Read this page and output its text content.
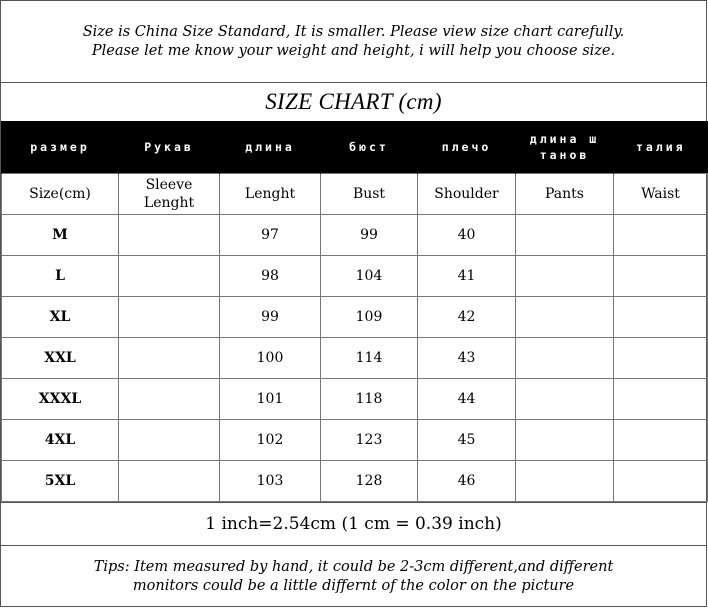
Size is China Size Standard, It is smaller. Please view size chart carefully.
Please let me know your weight and height, i will help you choose size.
SIZE CHART (cm)
размер	Рукав	длина	бюст	плечо	длина ш танов	талия
Size(cm)	Sleeve Lenght	Lenght	Bust	Shoulder	Pants	Waist
M		97	99	40		
L		98	104	41		
XL		99	109	42		
XXL		100	114	43		
XXXL		101	118	44		
4XL		102	123	45		
5XL		103	128	46		
1 inch=2.54cm (1 cm = 0.39 inch)
Tips: Item measured by hand, it could be 2-3cm different,and different
monitors could be a little differnt of the color on the picture
